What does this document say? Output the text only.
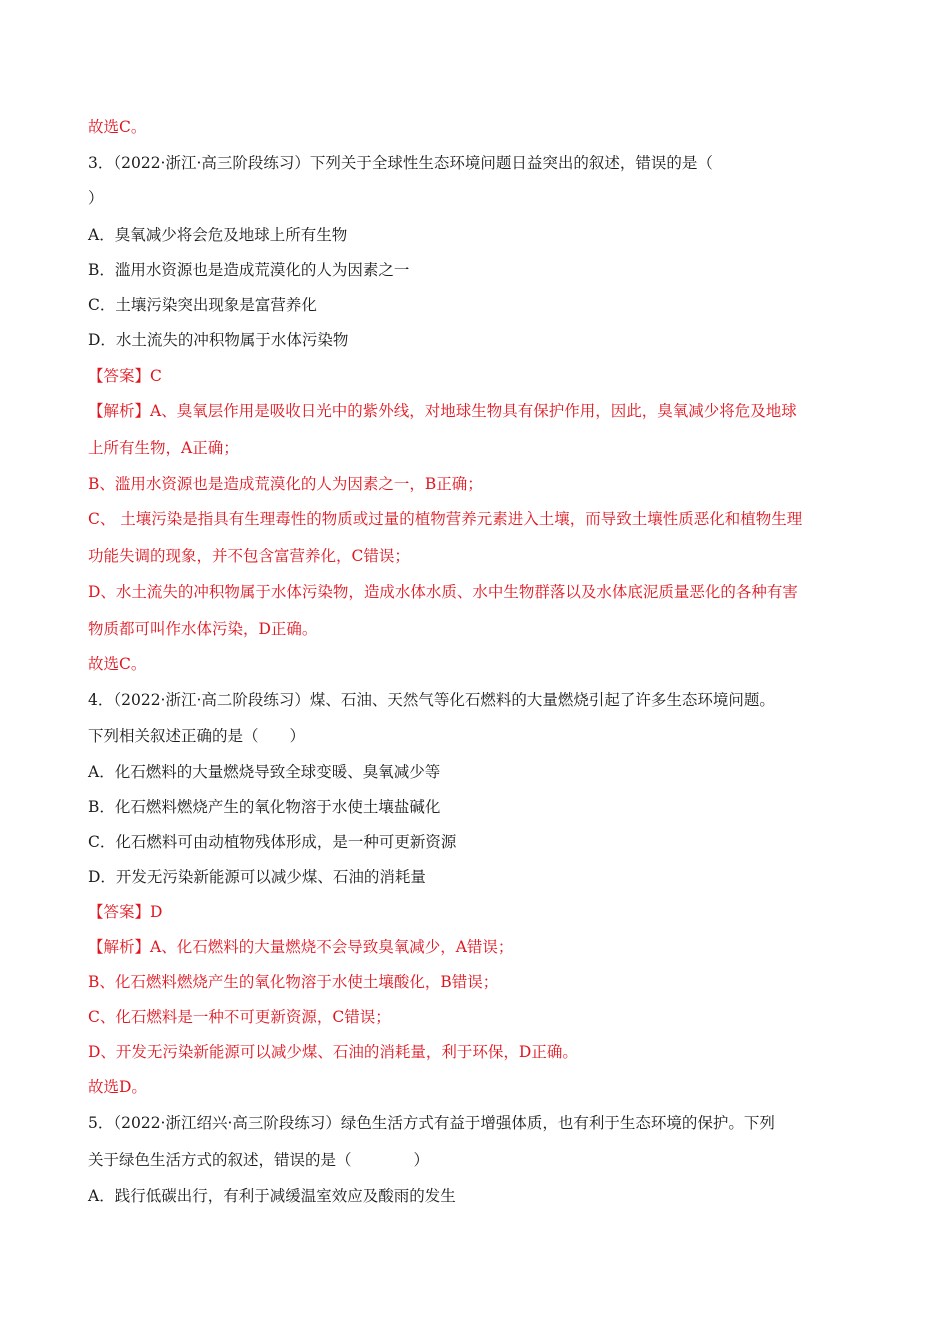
故选C。
3．（2022·浙江·高三阶段练习）下列关于全球性生态环境问题日益突出的叙述，错误的是（
）
A．臭氧减少将会危及地球上所有生物
B．滥用水资源也是造成荒漠化的人为因素之一
C．土壤污染突出现象是富营养化
D．水土流失的冲积物属于水体污染物
【答案】C
【解析】A、臭氧层作用是吸收日光中的紫外线，对地球生物具有保护作用，因此，臭氧减少将危及地球
上所有生物，A正确；
B、滥用水资源也是造成荒漠化的人为因素之一，B正确；
C、 土壤污染是指具有生理毒性的物质或过量的植物营养元素进入土壤，而导致土壤性质恶化和植物生理
功能失调的现象，并不包含富营养化，C错误；
D、水土流失的冲积物属于水体污染物，造成水体水质、水中生物群落以及水体底泥质量恶化的各种有害
物质都可叫作水体污染，D正确。
故选C。
4．（2022·浙江·高二阶段练习）煤、石油、天然气等化石燃料的大量燃烧引起了许多生态环境问题。
下列相关叙述正确的是（　　）
A．化石燃料的大量燃烧导致全球变暖、臭氧减少等
B．化石燃料燃烧产生的氧化物溶于水使土壤盐碱化
C．化石燃料可由动植物残体形成，是一种可更新资源
D．开发无污染新能源可以减少煤、石油的消耗量
【答案】D
【解析】A、化石燃料的大量燃烧不会导致臭氧减少，A错误；
B、化石燃料燃烧产生的氧化物溶于水使土壤酸化，B错误；
C、化石燃料是一种不可更新资源，C错误；
D、开发无污染新能源可以减少煤、石油的消耗量，利于环保，D正确。
故选D。
5．（2022·浙江绍兴·高三阶段练习）绿色生活方式有益于增强体质，也有利于生态环境的保护。下列
关于绿色生活方式的叙述，错误的是（　　　　）
A．践行低碳出行，有利于减缓温室效应及酸雨的发生
